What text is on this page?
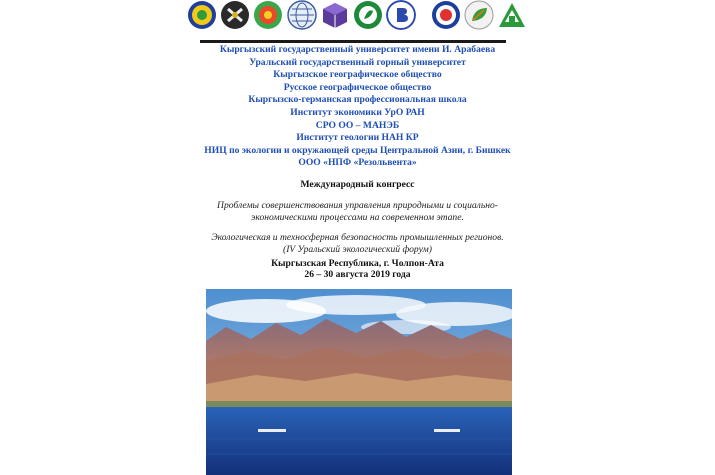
Кыргызский государственный университет имени И. Арабаева
Уральский государственный горный университет
Кыргызское географическое общество
Русское географическое общество
Кыргызско-германская профессиональная школа
Институт экономики УрО РАН
СРО ОО – МАНЭБ
Институт геологии НАН КР
НИЦ по экологии и окружающей среды Центральной Азии, г. Бишкек
ООО «НПФ «Резольвента»
Международный конгресс
Проблемы совершенствования управления природными и социально-
экономическими процессами на современном этапе.
Экологическая и техносферная безопасность промышленных регионов.
(IV Уральский экологический форум)
Кыргызская Республика, г. Чолпон-Ата
26 – 30 августа 2019 года
